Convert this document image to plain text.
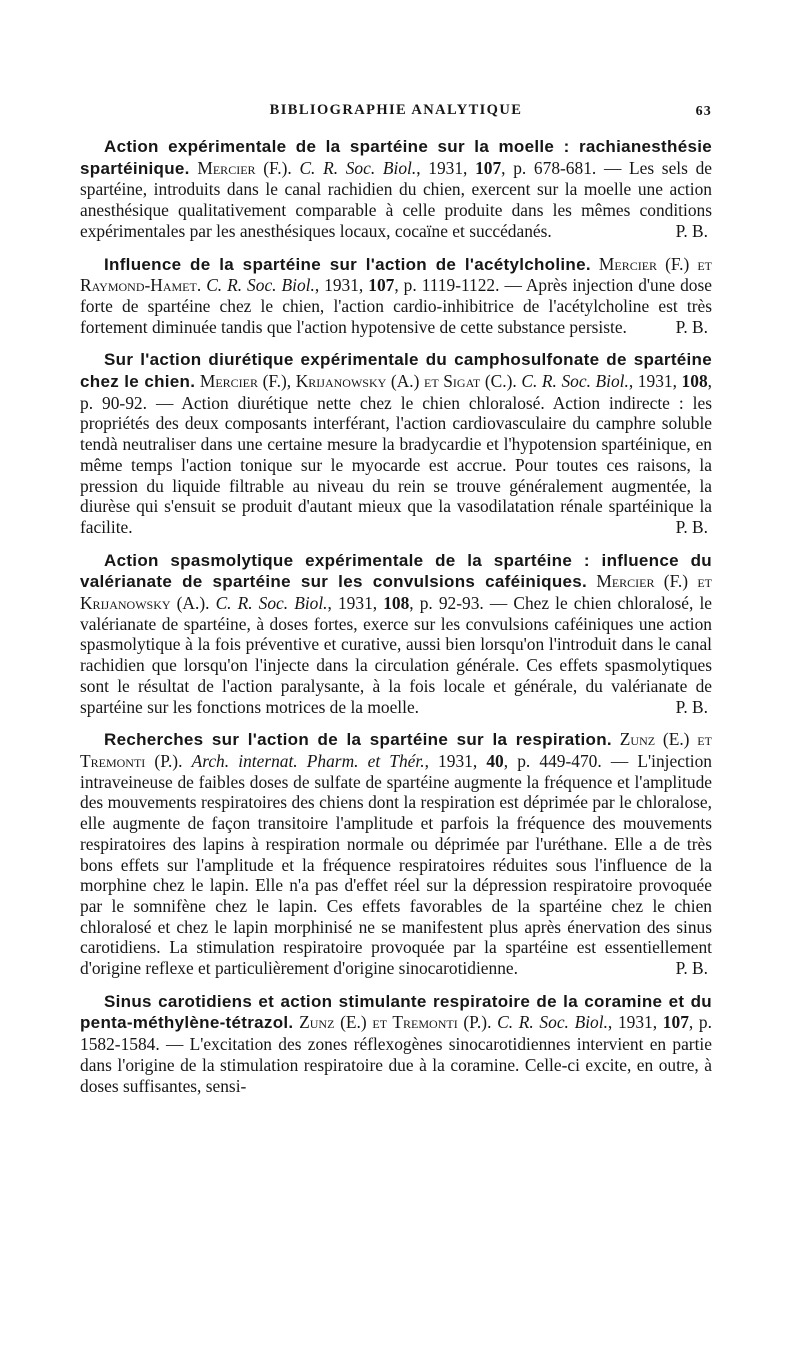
BIBLIOGRAPHIE ANALYTIQUE	63

Action expérimentale de la spartéine sur la moelle : rachianesthésie spartéinique. Mercier (F.). C. R. Soc. Biol., 1931, 107, p. 678-681. — Les sels de spartéine, introduits dans le canal rachidien du chien, exercent sur la moelle une action anesthésique qualitativement comparable à celle produite dans les mêmes conditions expérimentales par les anesthésiques locaux, cocaïne et succédanés.	P. B.

Influence de la spartéine sur l'action de l'acétylcholine. Mercier (F.) et Raymond-Hamet. C. R. Soc. Biol., 1931, 107, p. 1119-1122. — Après injection d'une dose forte de spartéine chez le chien, l'action cardio-inhibitrice de l'acétylcholine est très fortement diminuée tandis que l'action hypotensive de cette substance persiste.	P. B.

Sur l'action diurétique expérimentale du camphosulfonate de spartéine chez le chien. Mercier (F.), Krijanowsky (A.) et Sigat (C.). C. R. Soc. Biol., 1931, 108, p. 90-92. — Action diurétique nette chez le chien chloralosé. Action indirecte : les propriétés des deux composants interférant, l'action cardiovasculaire du camphre soluble tendà neutraliser dans une certaine mesure la bradycardie et l'hypotension spartéinique, en même temps l'action tonique sur le myocarde est accrue. Pour toutes ces raisons, la pression du liquide filtrable au niveau du rein se trouve généralement augmentée, la diurèse qui s'ensuit se produit d'autant mieux que la vasodilatation rénale spartéinique la facilite.	P. B.

Action spasmolytique expérimentale de la spartéine : influence du valérianate de spartéine sur les convulsions caféiniques. Mercier (F.) et Krijanowsky (A.). C. R. Soc. Biol., 1931, 108, p. 92-93. — Chez le chien chloralosé, le valérianate de spartéine, à doses fortes, exerce sur les convulsions caféiniques une action spasmolytique à la fois préventive et curative, aussi bien lorsqu'on l'introduit dans le canal rachidien que lorsqu'on l'injecte dans la circulation générale. Ces effets spasmolytiques sont le résultat de l'action paralysante, à la fois locale et générale, du valérianate de spartéine sur les fonctions motrices de la moelle.	P. B.

Recherches sur l'action de la spartéine sur la respiration. Zunz (E.) et Tremonti (P.). Arch. internat. Pharm. et Thér., 1931, 40, p. 449-470. — L'injection intraveineuse de faibles doses de sulfate de spartéine augmente la fréquence et l'amplitude des mouvements respiratoires des chiens dont la respiration est déprimée par le chloralose, elle augmente de façon transitoire l'amplitude et parfois la fréquence des mouvements respiratoires des lapins à respiration normale ou déprimée par l'uréthane. Elle a de très bons effets sur l'amplitude et la fréquence respiratoires réduites sous l'influence de la morphine chez le lapin. Elle n'a pas d'effet réel sur la dépression respiratoire provoquée par le somnifène chez le lapin. Ces effets favorables de la spartéine chez le chien chloralosé et chez le lapin morphinisé ne se manifestent plus après énervation des sinus carotidiens. La stimulation respiratoire provoquée par la spartéine est essentiellement d'origine reflexe et particulièrement d'origine sinocarotidienne.	P. B.

Sinus carotidiens et action stimulante respiratoire de la coramine et du penta-méthylène-tétrazol. Zunz (E.) et Tremonti (P.). C. R. Soc. Biol., 1931, 107, p. 1582-1584. — L'excitation des zones réflexogènes sinocarotidiennes intervient en partie dans l'origine de la stimulation respiratoire due à la coramine. Celle-ci excite, en outre, à doses suffisantes, sensi-
